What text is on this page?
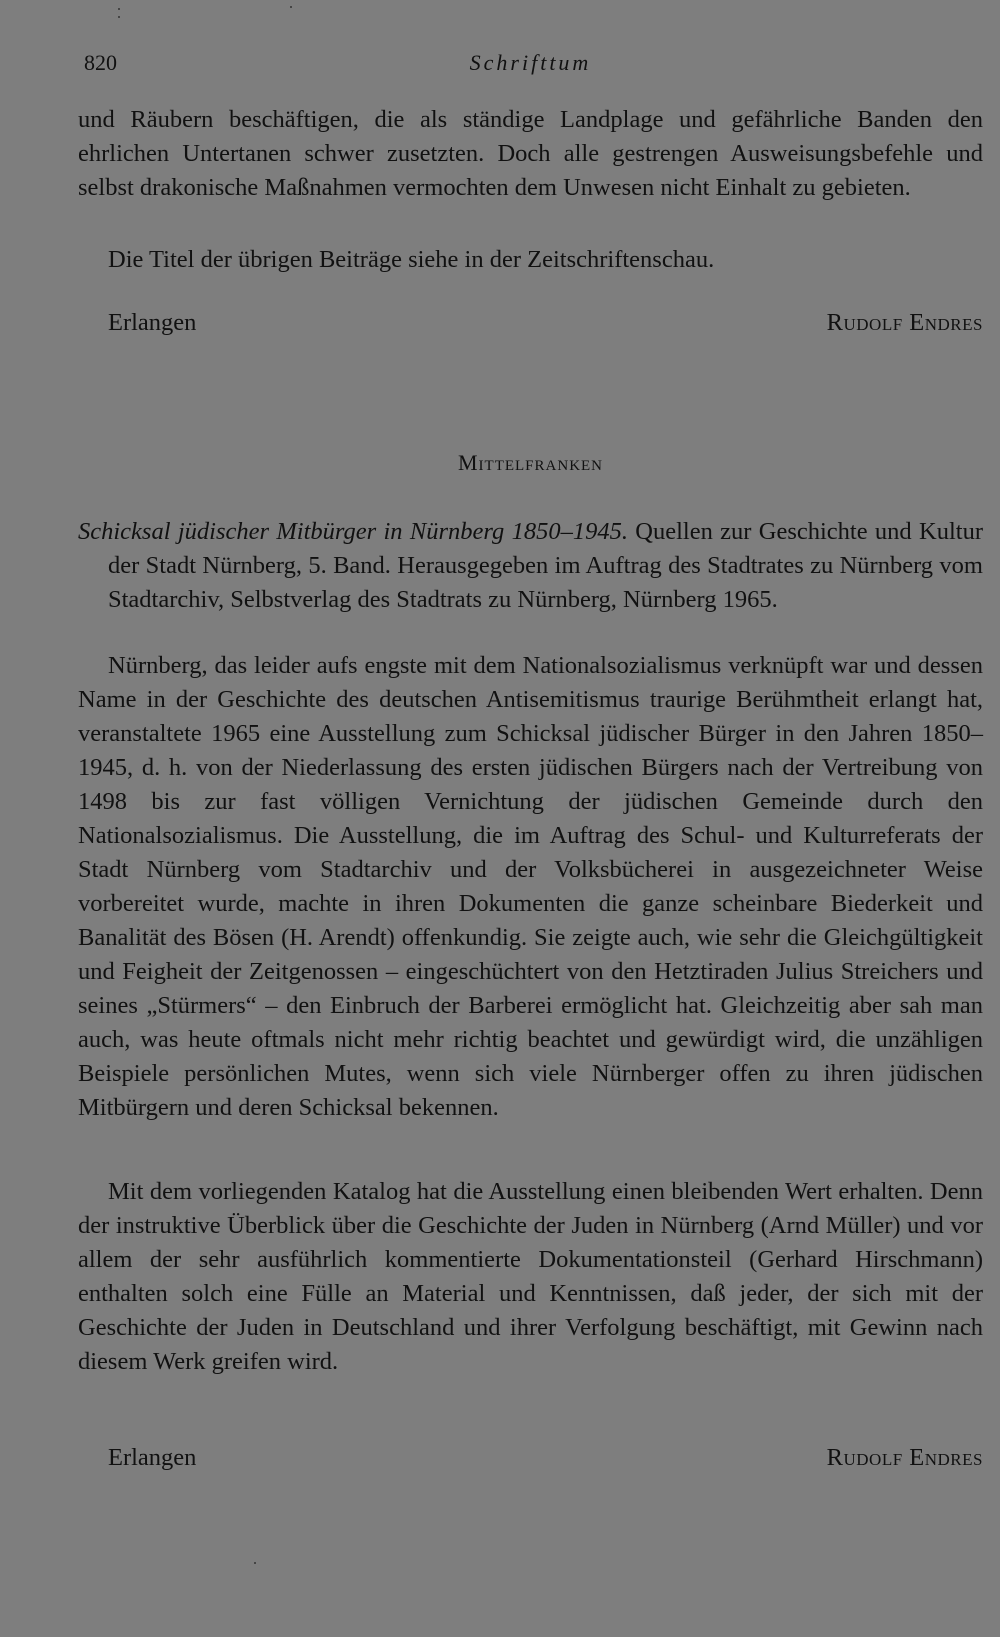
820	Schrifttum

und Räubern beschäftigen, die als ständige Landplage und gefährliche Banden den ehrlichen Untertanen schwer zusetzten. Doch alle gestrengen Ausweisungsbefehle und selbst drakonische Maßnahmen vermochten dem Unwesen nicht Einhalt zu gebieten.

Die Titel der übrigen Beiträge siehe in der Zeitschriftenschau.

Erlangen	Rudolf Endres
Mittelfranken
Schicksal jüdischer Mitbürger in Nürnberg 1850–1945. Quellen zur Geschichte und Kultur der Stadt Nürnberg, 5. Band. Herausgegeben im Auftrag des Stadtrates zu Nürnberg vom Stadtarchiv, Selbstverlag des Stadtrats zu Nürnberg, Nürnberg 1965.

Nürnberg, das leider aufs engste mit dem Nationalsozialismus verknüpft war und dessen Name in der Geschichte des deutschen Antisemitismus traurige Berühmtheit erlangt hat, veranstaltete 1965 eine Ausstellung zum Schicksal jüdischer Bürger in den Jahren 1850–1945, d. h. von der Niederlassung des ersten jüdischen Bürgers nach der Vertreibung von 1498 bis zur fast völligen Vernichtung der jüdischen Gemeinde durch den Nationalsozialismus. Die Ausstellung, die im Auftrag des Schul- und Kulturreferats der Stadt Nürnberg vom Stadtarchiv und der Volksbücherei in ausgezeichneter Weise vorbereitet wurde, machte in ihren Dokumenten die ganze scheinbare Biederkeit und Banalität des Bösen (H. Arendt) offenkundig. Sie zeigte auch, wie sehr die Gleichgültigkeit und Feigheit der Zeitgenossen – eingeschüchtert von den Hetztiraden Julius Streichers und seines „Stürmers“ – den Einbruch der Barberei ermöglicht hat. Gleichzeitig aber sah man auch, was heute oftmals nicht mehr richtig beachtet und gewürdigt wird, die unzähligen Beispiele persönlichen Mutes, wenn sich viele Nürnberger offen zu ihren jüdischen Mitbürgern und deren Schicksal bekennen.

Mit dem vorliegenden Katalog hat die Ausstellung einen bleibenden Wert erhalten. Denn der instruktive Überblick über die Geschichte der Juden in Nürnberg (Arnd Müller) und vor allem der sehr ausführlich kommentierte Dokumentationsteil (Gerhard Hirschmann) enthalten solch eine Fülle an Material und Kenntnissen, daß jeder, der sich mit der Geschichte der Juden in Deutschland und ihrer Verfolgung beschäftigt, mit Gewinn nach diesem Werk greifen wird.

Erlangen	Rudolf Endres
